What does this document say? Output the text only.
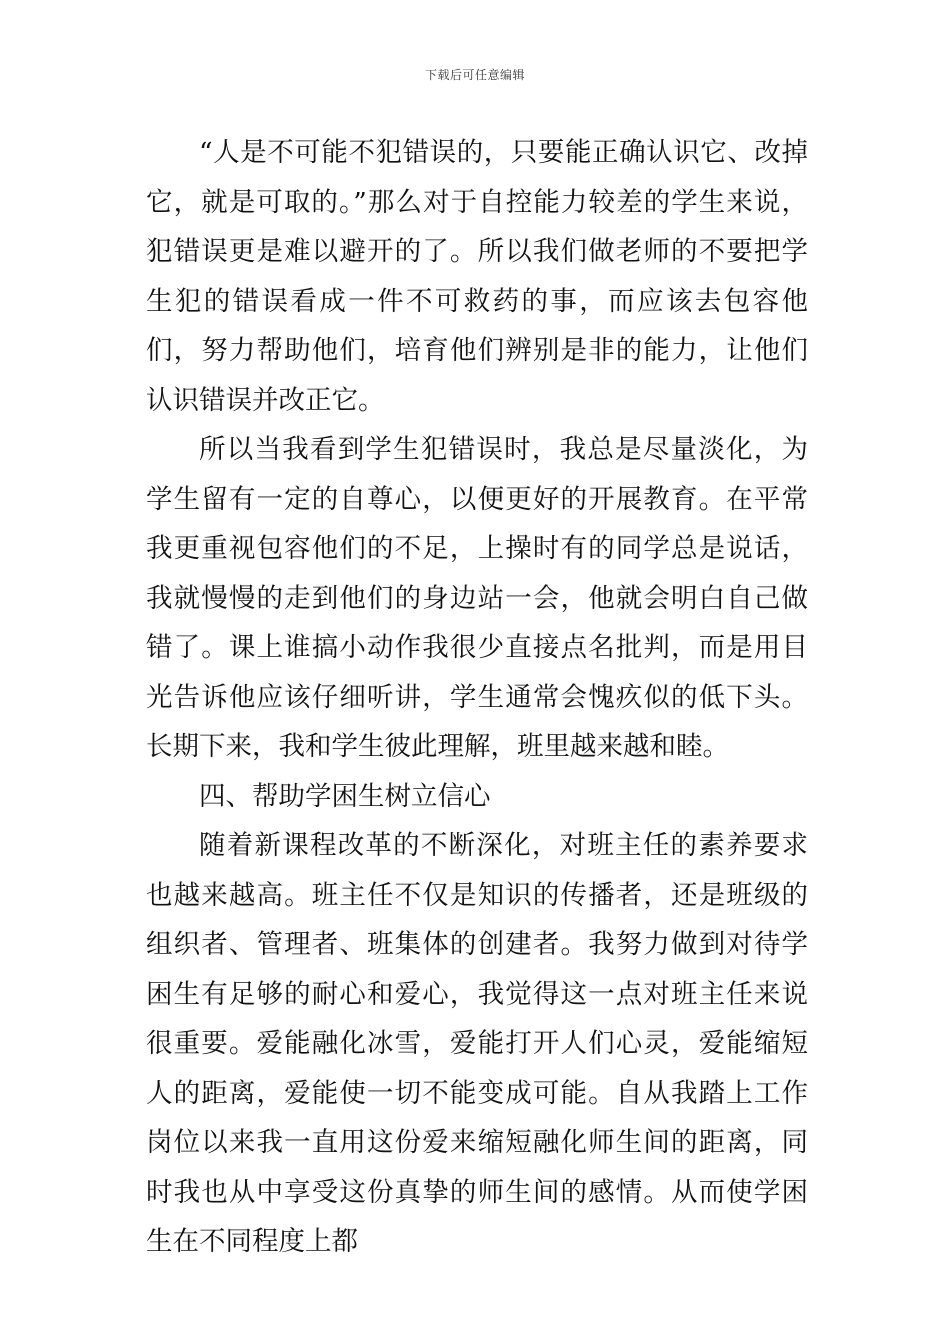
下载后可任意编辑

“人是不可能不犯错误的，只要能正确认识它、改掉它，就是可取的。”那么对于自控能力较差的学生来说，犯错误更是难以避开的了。所以我们做老师的不要把学生犯的错误看成一件不可救药的事，而应该去包容他们，努力帮助他们，培育他们辨别是非的能力，让他们认识错误并改正它。

所以当我看到学生犯错误时，我总是尽量淡化，为学生留有一定的自尊心，以便更好的开展教育。在平常我更重视包容他们的不足，上操时有的同学总是说话，我就慢慢的走到他们的身边站一会，他就会明白自己做错了。课上谁搞小动作我很少直接点名批判，而是用目光告诉他应该仔细听讲，学生通常会愧疚似的低下头。长期下来，我和学生彼此理解，班里越来越和睦。

四、帮助学困生树立信心

随着新课程改革的不断深化，对班主任的素养要求也越来越高。班主任不仅是知识的传播者，还是班级的组织者、管理者、班集体的创建者。我努力做到对待学困生有足够的耐心和爱心，我觉得这一点对班主任来说很重要。爱能融化冰雪，爱能打开人们心灵，爱能缩短人的距离，爱能使一切不能变成可能。自从我踏上工作岗位以来我一直用这份爱来缩短融化师生间的距离，同时我也从中享受这份真挚的师生间的感情。从而使学困生在不同程度上都
